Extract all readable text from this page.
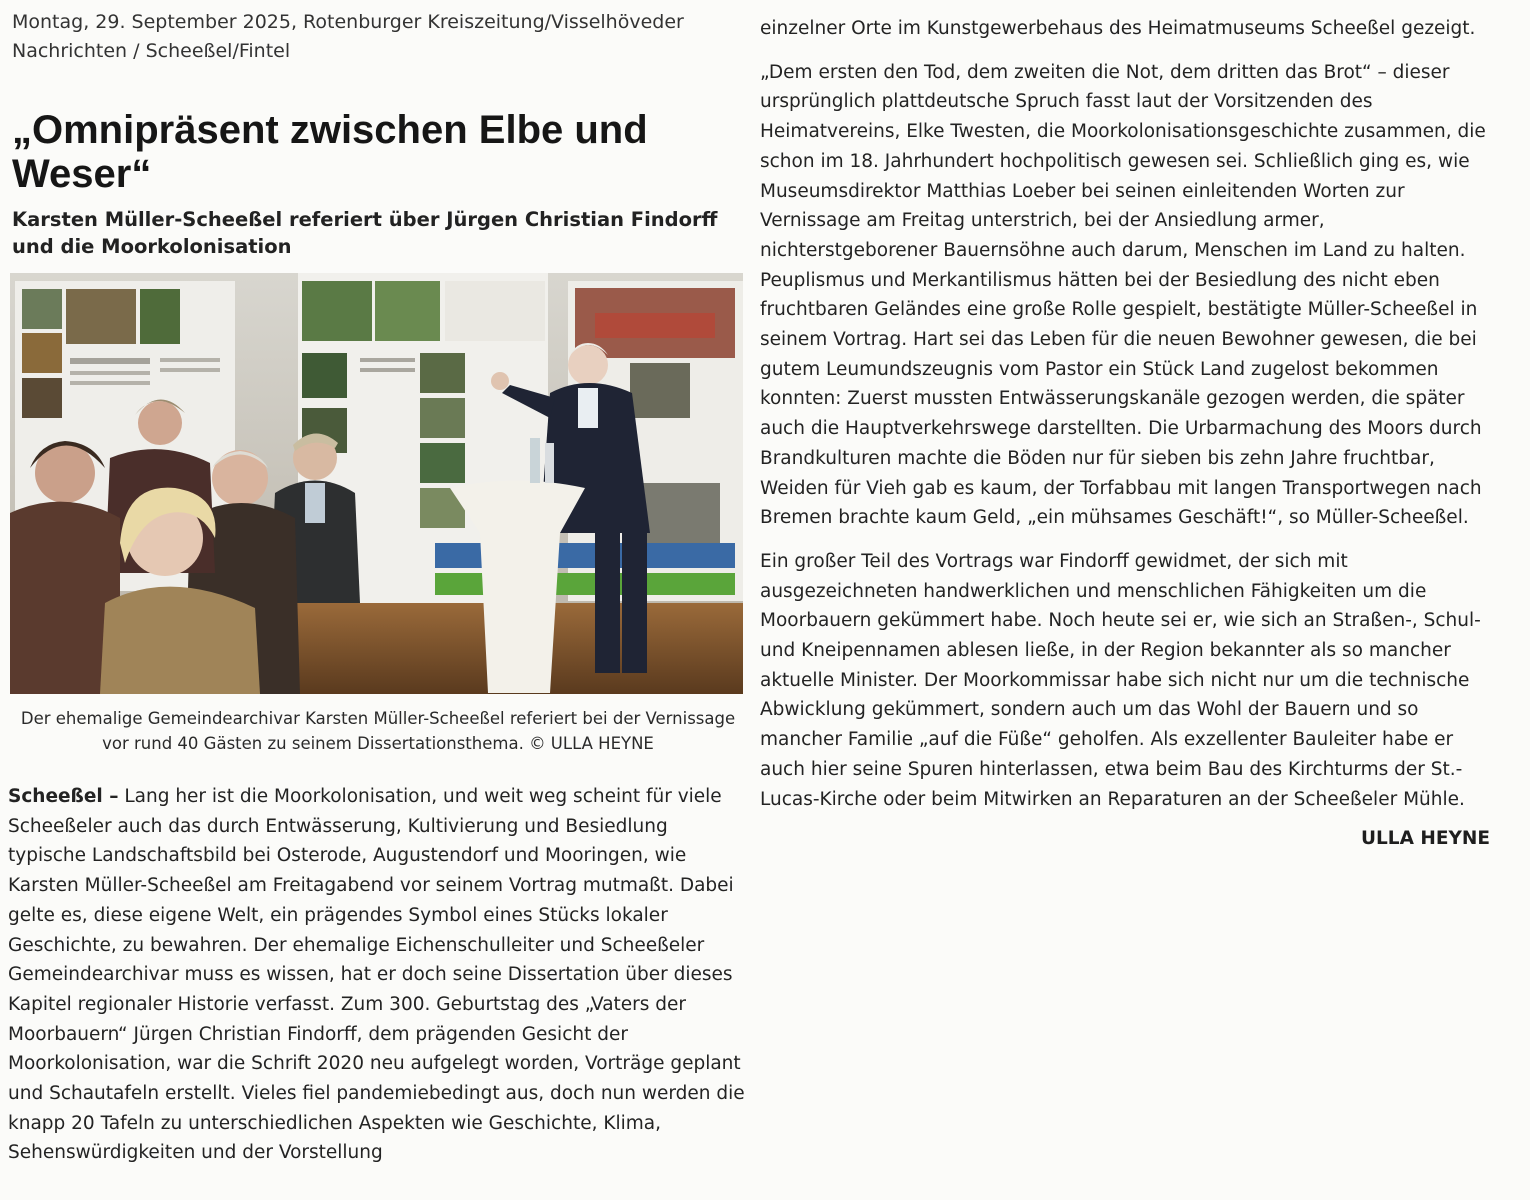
Montag, 29. September 2025, Rotenburger Kreiszeitung/Visselhöveder Nachrichten / Scheeßel/Fintel
„Omnipräsent zwischen Elbe und Weser“
Karsten Müller-Scheeßel referiert über Jürgen Christian Findorff und die Moorkolonisation
Der ehemalige Gemeindearchivar Karsten Müller-Scheeßel referiert bei der Vernissage vor rund 40 Gästen zu seinem Dissertationsthema. © ULLA HEYNE

Scheeßel – Lang her ist die Moorkolonisation, und weit weg scheint für viele Scheeßeler auch das durch Entwässerung, Kultivierung und Besiedlung typische Landschaftsbild bei Osterode, Augustendorf und Mooringen, wie Karsten Müller-Scheeßel am Freitagabend vor seinem Vortrag mutmaßt. Dabei gelte es, diese eigene Welt, ein prägendes Symbol eines Stücks lokaler Geschichte, zu bewahren. Der ehemalige Eichenschulleiter und Scheeßeler Gemeindearchivar muss es wissen, hat er doch seine Dissertation über dieses Kapitel regionaler Historie verfasst. Zum 300. Geburtstag des „Vaters der Moorbauern“ Jürgen Christian Findorff, dem prägenden Gesicht der Moorkolonisation, war die Schrift 2020 neu aufgelegt worden, Vorträge geplant und Schautafeln erstellt. Vieles fiel pandemiebedingt aus, doch nun werden die knapp 20 Tafeln zu unterschiedlichen Aspekten wie Geschichte, Klima, Sehenswürdigkeiten und der Vorstellung

einzelner Orte im Kunstgewerbehaus des Heimatmuseums Scheeßel gezeigt.

„Dem ersten den Tod, dem zweiten die Not, dem dritten das Brot“ – dieser ursprünglich plattdeutsche Spruch fasst laut der Vorsitzenden des Heimatvereins, Elke Twesten, die Moorkolonisationsgeschichte zusammen, die schon im 18. Jahrhundert hochpolitisch gewesen sei. Schließlich ging es, wie Museumsdirektor Matthias Loeber bei seinen einleitenden Worten zur Vernissage am Freitag unterstrich, bei der Ansiedlung armer, nichterstgeborener Bauernsöhne auch darum, Menschen im Land zu halten. Peuplismus und Merkantilismus hätten bei der Besiedlung des nicht eben fruchtbaren Geländes eine große Rolle gespielt, bestätigte Müller-Scheeßel in seinem Vortrag. Hart sei das Leben für die neuen Bewohner gewesen, die bei gutem Leumundszeugnis vom Pastor ein Stück Land zugelost bekommen konnten: Zuerst mussten Entwässerungskanäle gezogen werden, die später auch die Hauptverkehrswege darstellten. Die Urbarmachung des Moors durch Brandkulturen machte die Böden nur für sieben bis zehn Jahre fruchtbar, Weiden für Vieh gab es kaum, der Torfabbau mit langen Transportwegen nach Bremen brachte kaum Geld, „ein mühsames Geschäft!“, so Müller-Scheeßel.

Ein großer Teil des Vortrags war Findorff gewidmet, der sich mit ausgezeichneten handwerklichen und menschlichen Fähigkeiten um die Moorbauern gekümmert habe. Noch heute sei er, wie sich an Straßen-, Schul- und Kneipennamen ablesen ließe, in der Region bekannter als so mancher aktuelle Minister. Der Moorkommissar habe sich nicht nur um die technische Abwicklung gekümmert, sondern auch um das Wohl der Bauern und so mancher Familie „auf die Füße“ geholfen. Als exzellenter Bauleiter habe er auch hier seine Spuren hinterlassen, etwa beim Bau des Kirchturms der St.-Lucas-Kirche oder beim Mitwirken an Reparaturen an der Scheeßeler Mühle.

ULLA HEYNE
